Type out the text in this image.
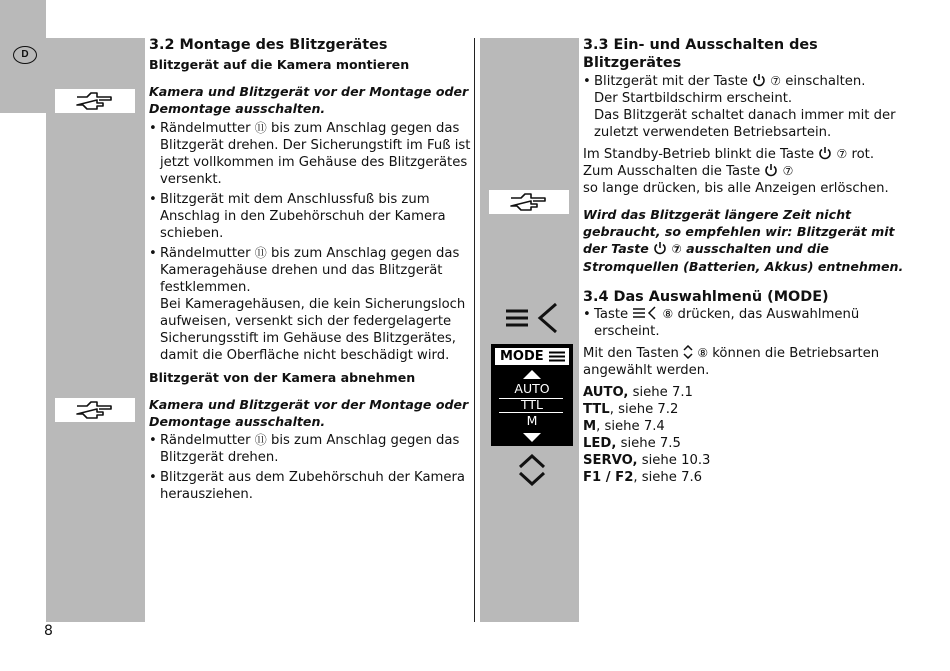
D
MODE
AUTO
TTL
M
3.2 Montage des Blitzgerätes

Blitzgerät auf die Kamera montieren

Kamera und Blitzgerät vor der Montage oder Demontage ausschalten.

• Rändelmutter ⑪ bis zum Anschlag gegen das Blitzgerät drehen. Der Sicherungstift im Fuß ist jetzt vollkommen im Gehäuse des Blitzgerätes versenkt.

• Blitzgerät mit dem Anschlussfuß bis zum Anschlag in den Zubehörschuh der Kamera schieben.

• Rändelmutter ⑪ bis zum Anschlag gegen das Kameragehäuse drehen und das Blitzgerät festklemmen.
Bei Kameragehäusen, die kein Sicherungsloch aufweisen, versenkt sich der federgelagerte Sicherungsstift im Gehäuse des Blitzgerätes, damit die Oberfläche nicht beschädigt wird.

Blitzgerät von der Kamera abnehmen

Kamera und Blitzgerät vor der Montage oder Demontage ausschalten.

• Rändelmutter ⑪ bis zum Anschlag gegen das Blitzgerät drehen.

• Blitzgerät aus dem Zubehörschuh der Kamera herausziehen.

3.3 Ein- und Ausschalten des Blitzgerätes

• Blitzgerät mit der Taste  ⑦ einschalten.
Der Startbildschirm erscheint.
Das Blitzgerät schaltet danach immer mit der zuletzt verwendeten Betriebsartein.

Im Standby-Betrieb blinkt die Taste  ⑦ rot.
Zum Ausschalten die Taste  ⑦
so lange drücken, bis alle Anzeigen erlöschen.

Wird das Blitzgerät längere Zeit nicht gebraucht, so empfehlen wir: Blitzgerät mit der Taste  ⑦ ausschalten und die Stromquellen (Batterien, Akkus) entnehmen.

3.4 Das Auswahlmenü (MODE)

• Taste	⑧ drücken, das Auswahlmenü erscheint.

Mit den Tasten  ⑧ können die Betriebsarten angewählt werden.

AUTO, siehe 7.1

TTL, siehe 7.2

M, siehe 7.4

LED, siehe 7.5

SERVO, siehe 10.3

F1 / F2, siehe 7.6

8
